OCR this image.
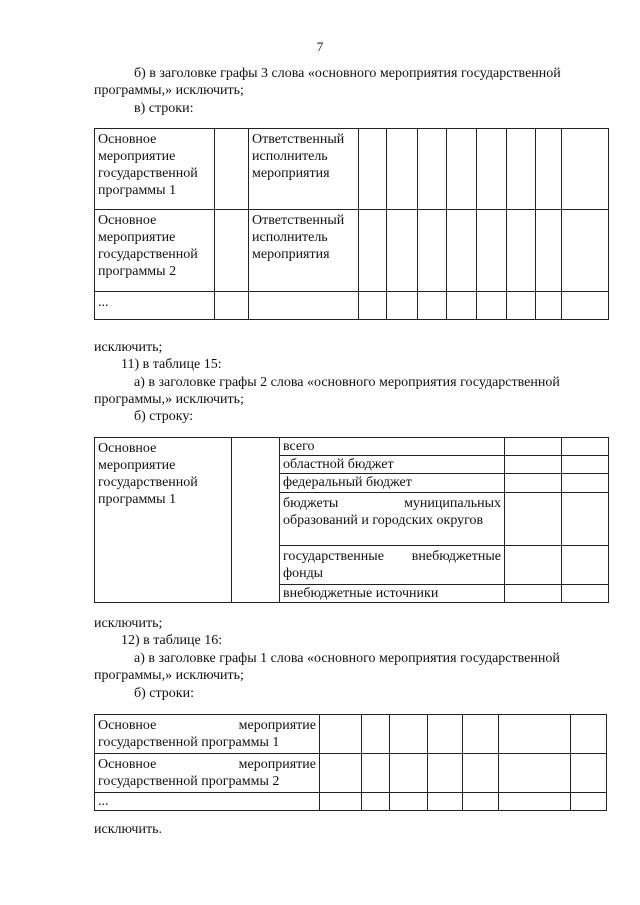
7
б) в заголовке графы 3 слова «основного мероприятия государственной
программы,» исключить;
в) строки:
Основное
мероприятие
государственной
программы 1		Ответственный
исполнитель
мероприятия								
Основное
мероприятие
государственной
программы 2		Ответственный
исполнитель
мероприятия								
...										
исключить;
11) в таблице 15:
а) в заголовке графы 2 слова «основного мероприятия государственной
программы,» исключить;
б) строку:
Основное
мероприятие
государственной
программы 1		всего		
		областной бюджет		
		федеральный бюджет		
		бюджеты муниципальных образований и городских округов		
		государственные внебюджетные фонды		
		внебюджетные источники		
исключить;
12) в таблице 16:
а) в заголовке графы 1 слова «основного мероприятия государственной
программы,» исключить;
б) строки:
Основное мероприятие государственной программы 1							
Основное мероприятие государственной программы 2							
...							
исключить.
